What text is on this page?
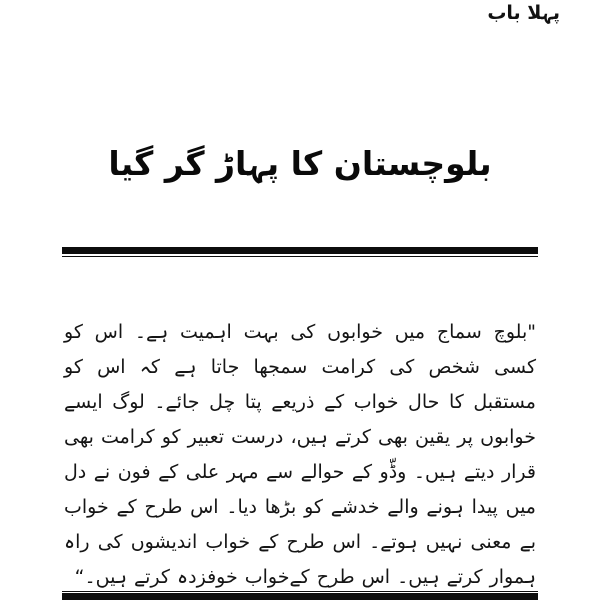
پہلا باب
بلوچستان کا پہاڑ گر گیا

"بلوچ سماج میں خوابوں کی بہت اہمیت ہے۔ اس کو کسی شخص کی کرامت سمجھا جاتا ہے کہ اس کو مستقبل کا حال خواب کے ذریعے پتا چل جائے۔ لوگ ایسے خوابوں پر یقین بھی کرتے ہیں، درست تعبیر کو کرامت بھی قرار دیتے ہیں۔ وڈّو کے حوالے سے مہر علی کے فون نے دل میں پیدا ہونے والے خدشے کو بڑھا دیا۔ اس طرح کے خواب بے معنی نہیں ہوتے۔ اس طرح کے خواب اندیشوں کی راہ ہموار کرتے ہیں۔ اس طرح کےخواب خوفزدہ کرتے ہیں۔“
